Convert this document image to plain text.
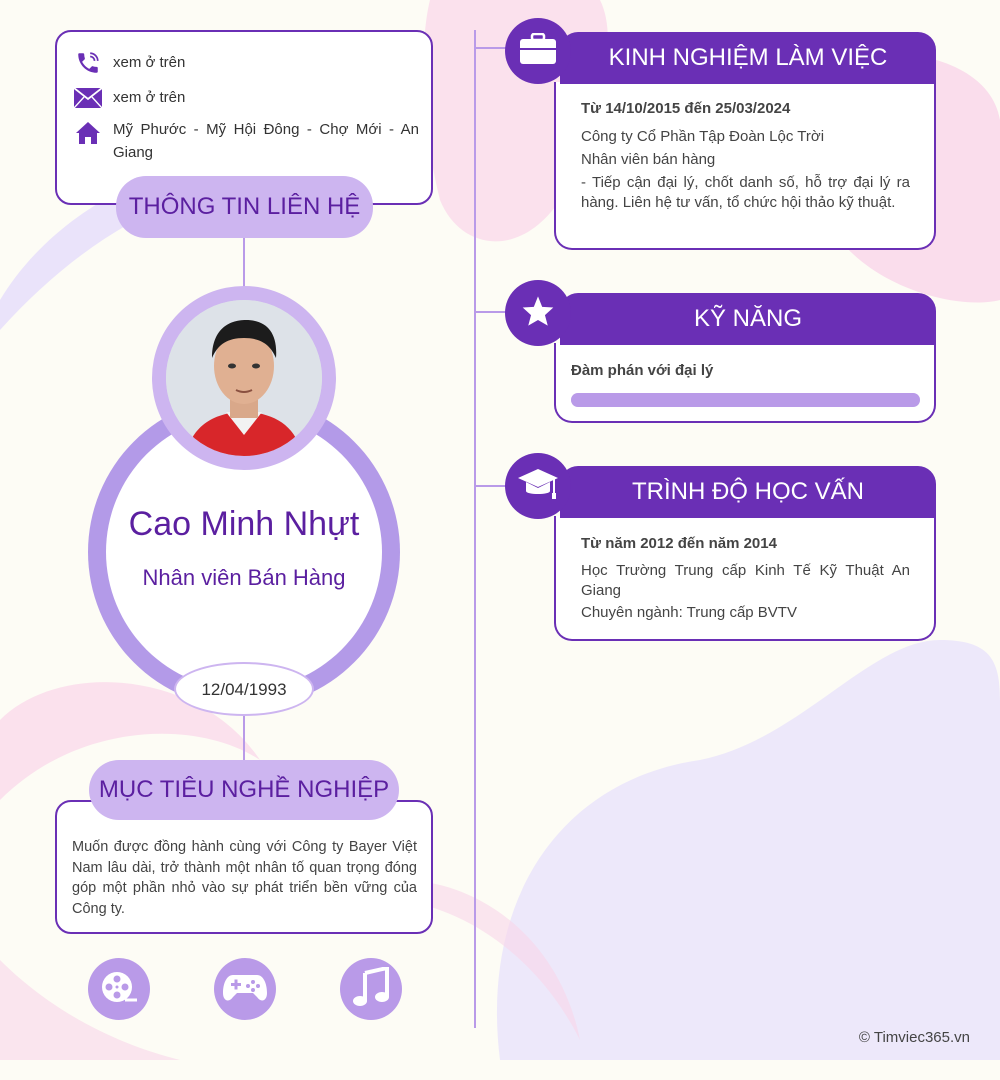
xem ở trên
xem ở trên
Mỹ Phước - Mỹ Hội Đông - Chợ Mới - An Giang
THÔNG TIN LIÊN HỆ
Cao Minh Nhựt
Nhân viên Bán Hàng
12/04/1993
MỤC TIÊU NGHỀ NGHIỆP
Muốn được đồng hành cùng với Công ty Bayer Việt Nam lâu dài, trở thành một nhân tố quan trọng đóng góp một phần nhỏ vào sự phát triển bền vững của Công ty.
KINH NGHIỆM LÀM VIỆC
Từ 14/10/2015 đến 25/03/2024
Công ty Cổ Phần Tập Đoàn Lộc Trời
Nhân viên bán hàng
- Tiếp cận đại lý, chốt danh số, hỗ trợ đại lý ra hàng. Liên hệ tư vấn, tổ chức hội thảo kỹ thuật.
KỸ NĂNG
Đàm phán với đại lý
TRÌNH ĐỘ HỌC VẤN
Từ năm 2012 đến năm 2014
Học Trường Trung cấp Kinh Tế Kỹ Thuật An Giang
Chuyên ngành: Trung cấp BVTV
© Timviec365.vn
